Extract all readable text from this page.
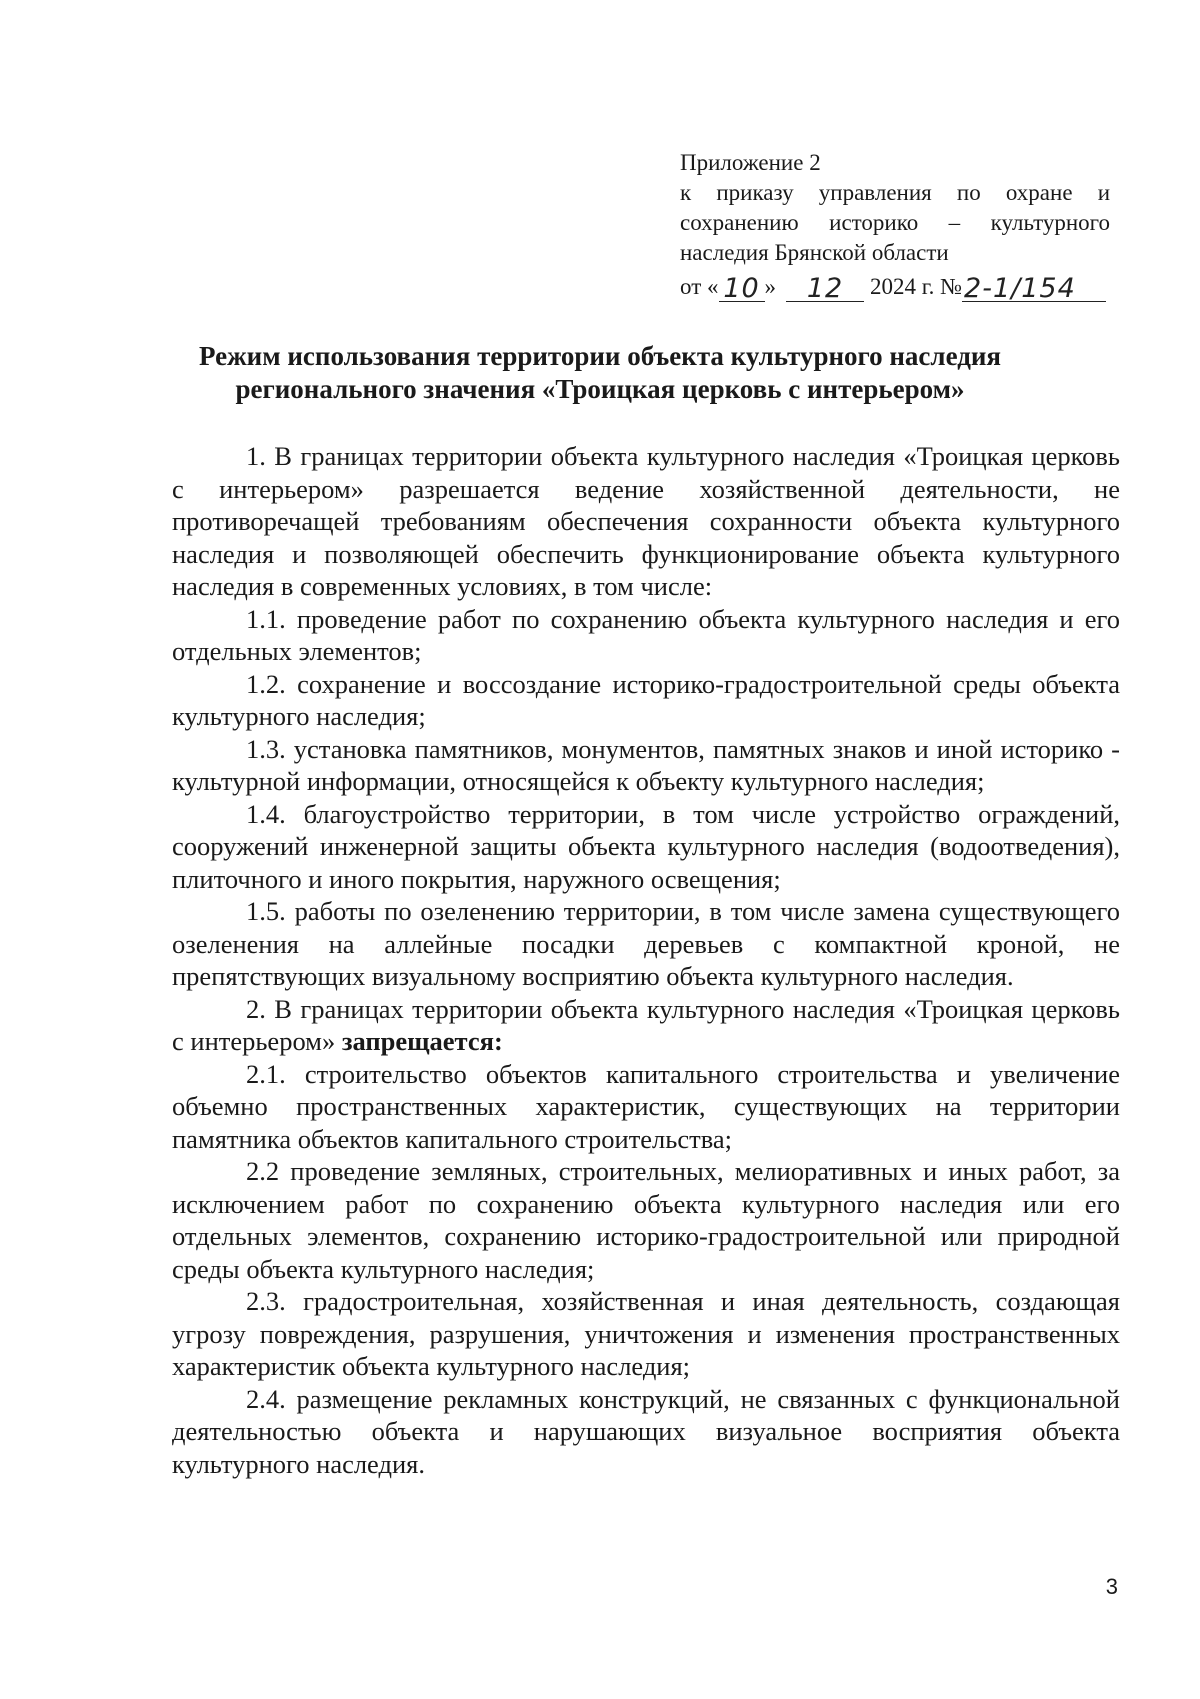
Приложение 2
к приказу управления по охране и
сохранению историко – культурного
наследия Брянской области
от « 10 »	12	2024 г. № 2-1/154
Режим использования территории объекта культурного наследия
регионального значения «Троицкая церковь с интерьером»

1. В границах территории объекта культурного наследия «Троицкая церковь с интерьером» разрешается ведение хозяйственной деятельности, не противоречащей требованиям обеспечения сохранности объекта культурного наследия и позволяющей обеспечить функционирование объекта культурного наследия в современных условиях, в том числе:

1.1. проведение работ по сохранению объекта культурного наследия и его отдельных элементов;

1.2. сохранение и воссоздание историко-градостроительной среды объекта культурного наследия;

1.3. установка памятников, монументов, памятных знаков и иной историко - культурной информации, относящейся к объекту культурного наследия;

1.4. благоустройство территории, в том числе устройство ограждений, сооружений инженерной защиты объекта культурного наследия (водоотведения), плиточного и иного покрытия, наружного освещения;

1.5. работы по озеленению территории, в том числе замена существующего озеленения на аллейные посадки деревьев с компактной кроной, не препятствующих визуальному восприятию объекта культурного наследия.

2. В границах территории объекта культурного наследия «Троицкая церковь с интерьером» запрещается:

2.1. строительство объектов капитального строительства и увеличение объемно пространственных характеристик, существующих на территории памятника объектов капитального строительства;

2.2 проведение земляных, строительных, мелиоративных и иных работ, за исключением работ по сохранению объекта культурного наследия или его отдельных элементов, сохранению историко-градостроительной или природной среды объекта культурного наследия;

2.3. градостроительная, хозяйственная и иная деятельность, создающая угрозу повреждения, разрушения, уничтожения и изменения пространственных характеристик объекта культурного наследия;

2.4. размещение рекламных конструкций, не связанных с функциональной деятельностью объекта и нарушающих визуальное восприятия объекта культурного наследия.

3
